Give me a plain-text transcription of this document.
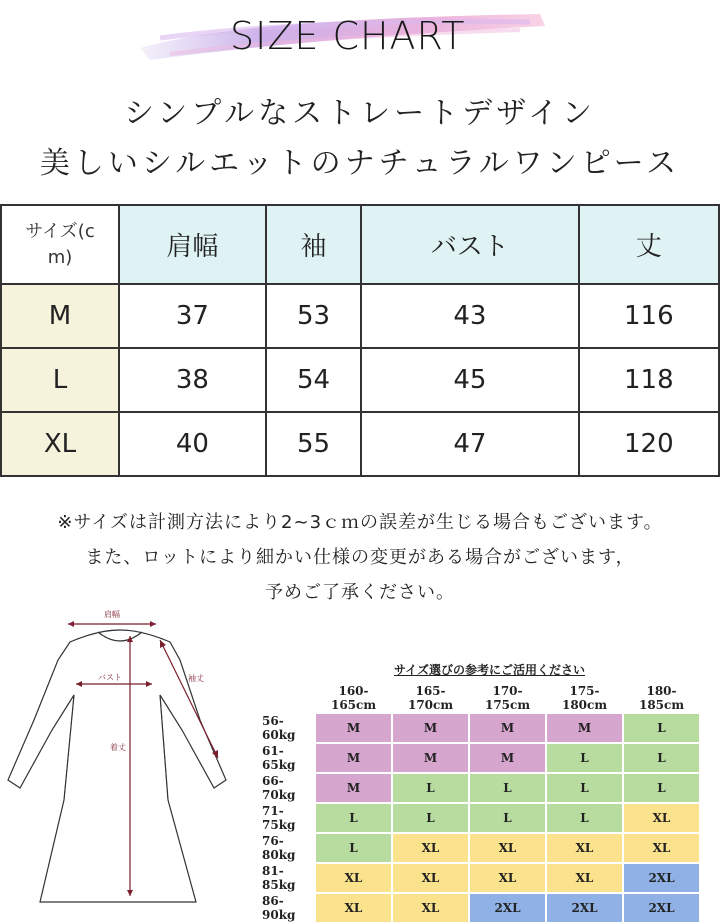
SIZE CHART
シンプルなストレートデザイン
美しいシルエットのナチュラルワンピース
サイズ(c
m)	肩幅	袖	バスト	丈
M	37	53	43	116
L	38	54	45	118
XL	40	55	47	120
※サイズは計測方法により2~3ｃｍの誤差が生じる場合もございます。
また、ロットにより細かい仕様の変更がある場合がございます，
予めご了承ください。
肩幅
バスト	袖丈
着丈
サイズ選びの参考にご活用ください
	160-165cm	165-170cm	170-175cm	175-180cm	180-185cm
56-60kg	M	M	M	M	L
61-65kg	M	M	M	L	L
66-70kg	M	L	L	L	L
71-75kg	L	L	L	L	XL
76-80kg	L	XL	XL	XL	XL
81-85kg	XL	XL	XL	XL	2XL
86-90kg	XL	XL	2XL	2XL	2XL
